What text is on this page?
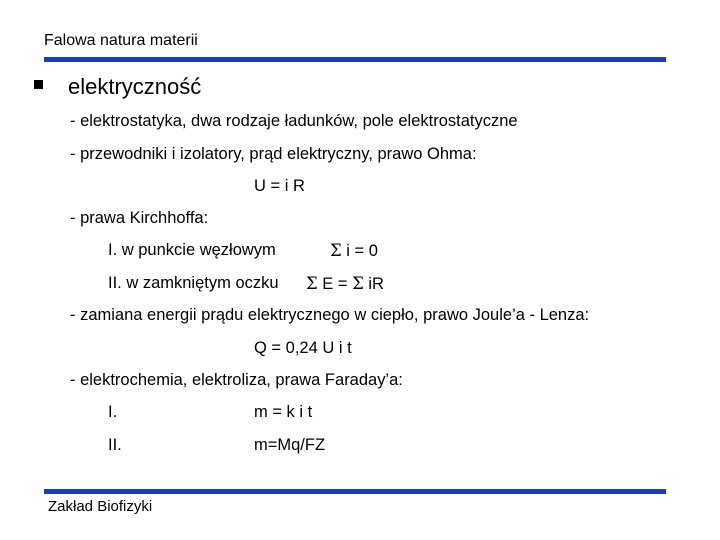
Falowa natura materii
elektryczność
- elektrostatyka, dwa rodzaje ładunków, pole elektrostatyczne
- przewodniki i izolatory, prąd elektryczny, prawo Ohma:
U = i R
- prawa Kirchhoffa:
I. w punkcie węzłowym	Σ i = 0
II. w zamkniętym oczku Σ E = Σ iR
- zamiana energii prądu elektrycznego w ciepło, prawo Joule’a - Lenza:
Q = 0,24 U i t
- elektrochemia, elektroliza, prawa Faraday’a:
I.	m = k i t
II.	m=Mq/FZ
Zakład Biofizyki
